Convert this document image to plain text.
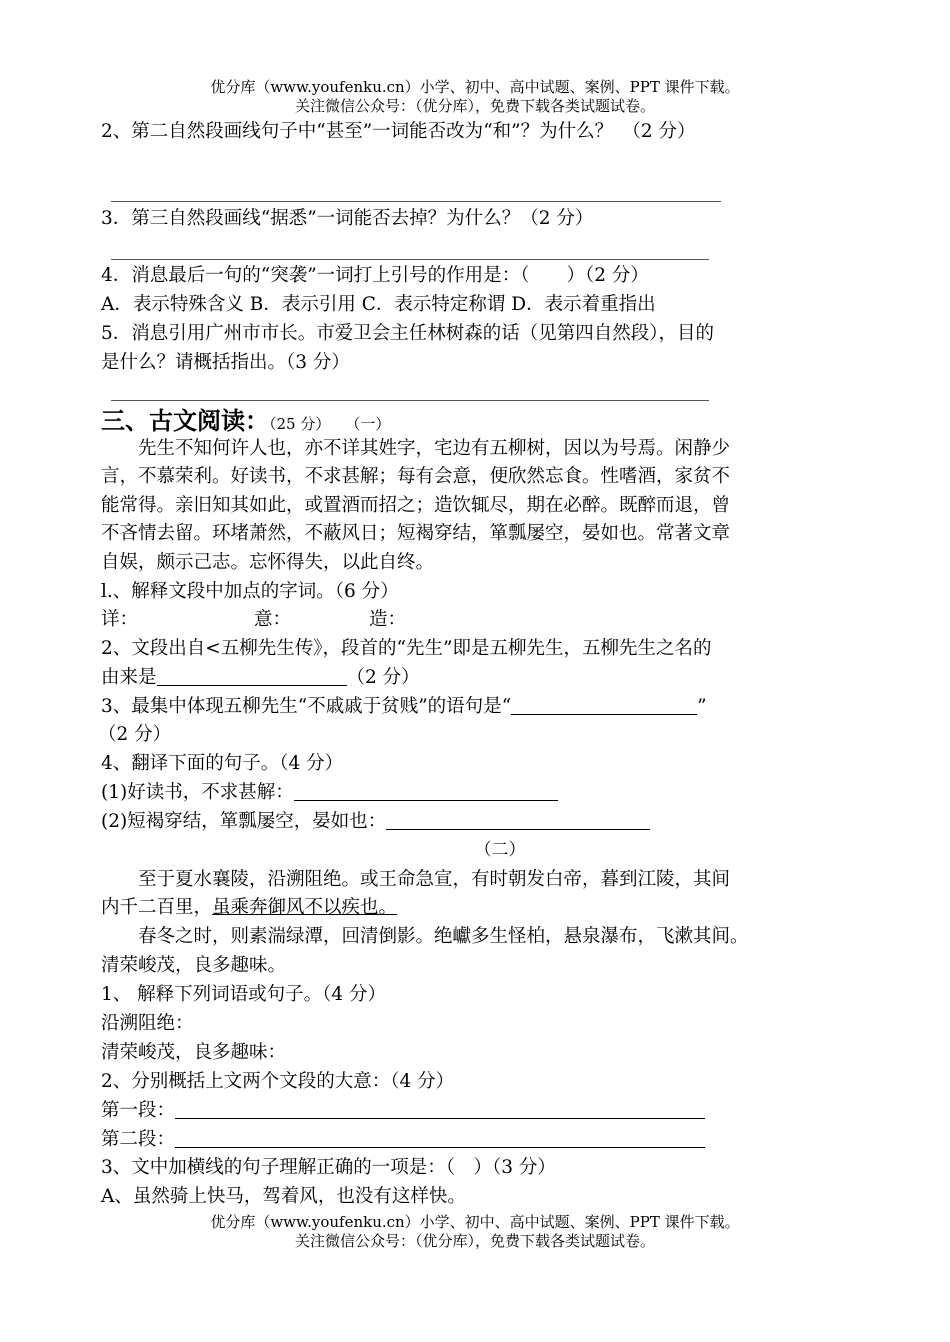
优分库（www.youfenku.cn）小学、初中、高中试题、案例、PPT 课件下载。
关注微信公众号：（优分库），免费下载各类试题试卷。
2、第二自然段画线句子中“甚至”一词能否改为“和”？为什么？　（2 分）
3．第三自然段画线“据悉”一词能否去掉？为什么？（2 分）
4．消息最后一句的“突袭”一词打上引号的作用是：（　　）（2 分）
A．表示特殊含义 B．表示引用 C．表示特定称谓 D．表示着重指出
5．消息引用广州市市长。市爱卫会主任林树森的话（见第四自然段），目的
是什么？请概括指出。（3 分）
三、古文阅读：（25 分）　　（一）
　　先生不知何许人也，亦不详其姓字，宅边有五柳树，因以为号焉。闲静少
言，不慕荣利。好读书，不求甚解；每有会意，便欣然忘食。性嗜酒，家贫不
能常得。亲旧知其如此，或置酒而招之；造饮辄尽，期在必醉。既醉而退，曾
不吝情去留。环堵萧然，不蔽风日；短褐穿结，箪瓢屡空，晏如也。常著文章
自娱，颇示己志。忘怀得失，以此自终。
l.、解释文段中加点的字词。（6 分）
详：	意：	造：
2、文段出自<五柳先生传》，段首的“先生”即是五柳先生，五柳先生之名的
由来是	（2 分）
3、最集中体现五柳先生“不戚戚于贫贱”的语句是“	”
（2 分）
4、翻译下面的句子。（4 分）
(1)好读书，不求甚解：
(2)短褐穿结，箪瓢屡空，晏如也：
（二）
　　至于夏水襄陵，沿溯阻绝。或王命急宣，有时朝发白帝，暮到江陵，其间
内千二百里，虽乘奔御风不以疾也。
　　春冬之时，则素湍绿潭，回清倒影。绝巘多生怪柏，悬泉瀑布，飞漱其间。
清荣峻茂，良多趣味。
1、 解释下列词语或句子。（4 分）
沿溯阻绝：
清荣峻茂，良多趣味：
2、分别概括上文两个文段的大意：（4 分）
第一段：
第二段：
3、文中加横线的句子理解正确的一项是：（　）（3 分）
A、虽然骑上快马，驾着风，也没有这样快。
优分库（www.youfenku.cn）小学、初中、高中试题、案例、PPT 课件下载。
关注微信公众号：（优分库），免费下载各类试题试卷。
